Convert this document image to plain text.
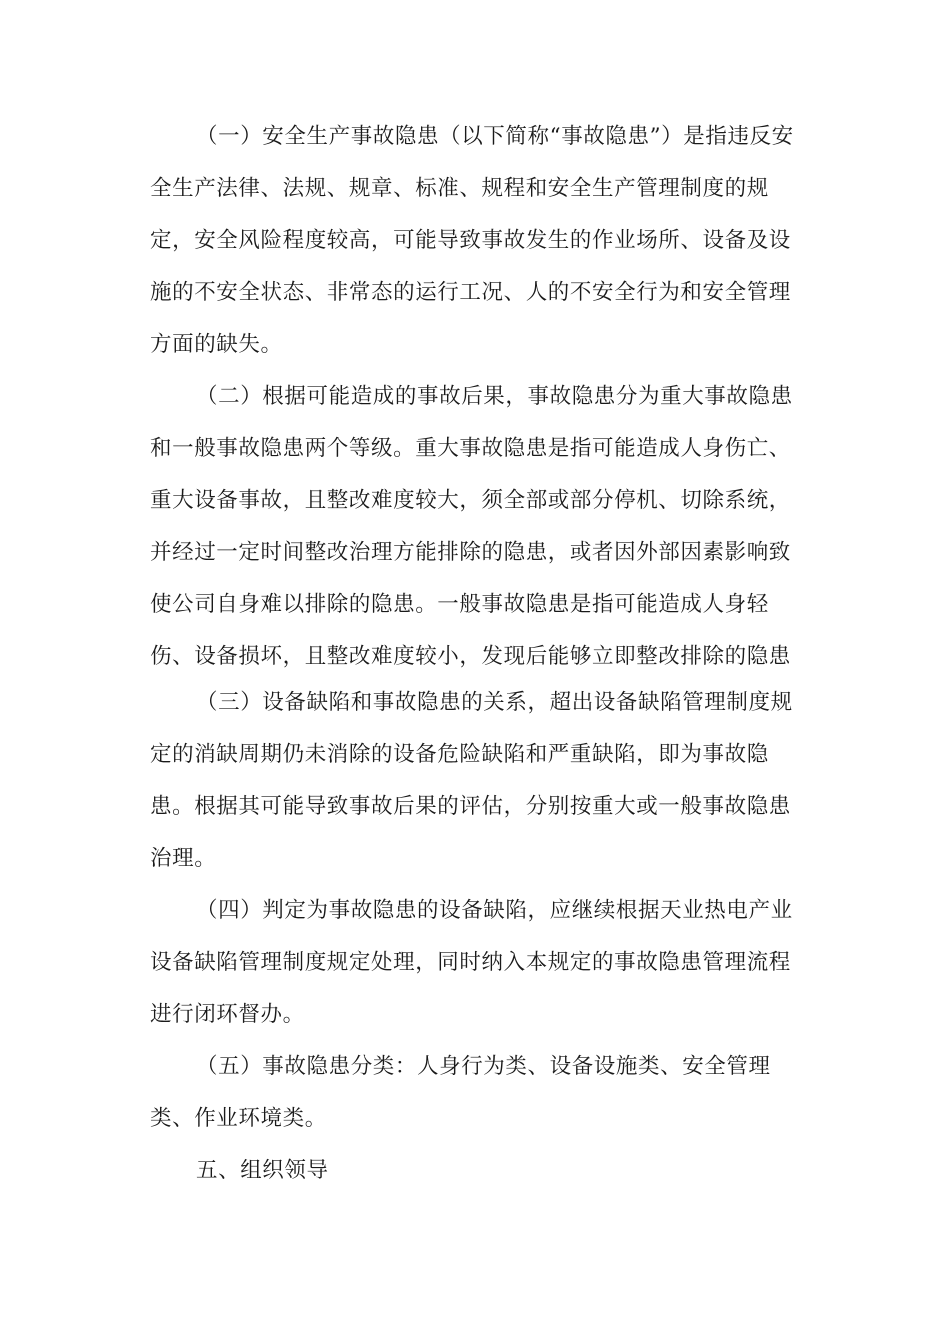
（一）安全生产事故隐患（以下简称“事故隐患”）是指违反安
全生产法律、法规、规章、标准、规程和安全生产管理制度的规
定，安全风险程度较高，可能导致事故发生的作业场所、设备及设
施的不安全状态、非常态的运行工况、人的不安全行为和安全管理
方面的缺失。
（二）根据可能造成的事故后果，事故隐患分为重大事故隐患
和一般事故隐患两个等级。重大事故隐患是指可能造成人身伤亡、
重大设备事故，且整改难度较大，须全部或部分停机、切除系统，
并经过一定时间整改治理方能排除的隐患，或者因外部因素影响致
使公司自身难以排除的隐患。一般事故隐患是指可能造成人身轻
伤、设备损坏，且整改难度较小，发现后能够立即整改排除的隐患
（三）设备缺陷和事故隐患的关系，超出设备缺陷管理制度规
定的消缺周期仍未消除的设备危险缺陷和严重缺陷，即为事故隐
患。根据其可能导致事故后果的评估，分别按重大或一般事故隐患
治理。
（四）判定为事故隐患的设备缺陷，应继续根据天业热电产业
设备缺陷管理制度规定处理，同时纳入本规定的事故隐患管理流程
进行闭环督办。
（五）事故隐患分类：人身行为类、设备设施类、安全管理
类、作业环境类。
五、组织领导
